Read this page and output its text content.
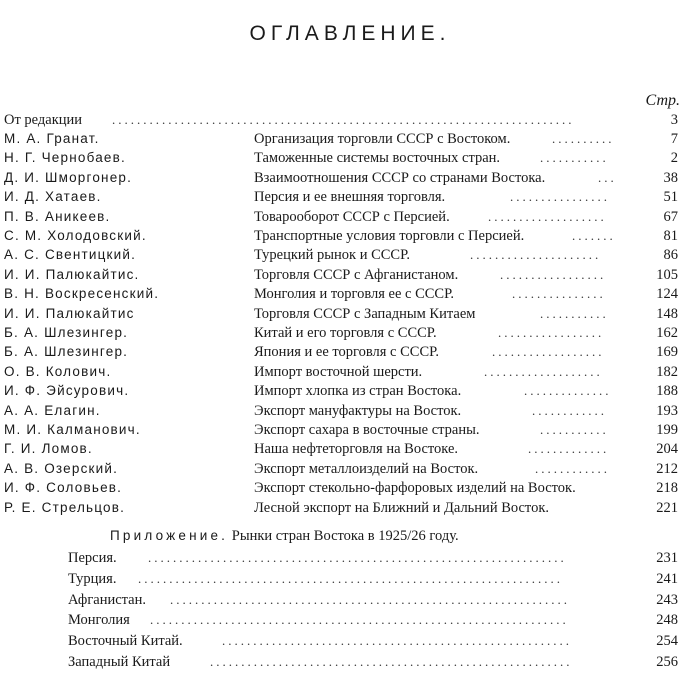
ОГЛАВЛЕНИЕ.
Стр.
От редакции ..........................................................................	3
М. А. Гранат.	Организация торговли СССР с Востоком.	..........	7
Н. Г. Чернобаев.	Таможенные системы восточных стран.	...........	2
Д. И. Шморгонер.	Взаимоотношения СССР со странами Востока.	...	38
И. Д. Хатаев.	Персия и ее внешняя торговля.	................	51
П. В. Аникеев.	Товарооборот СССР с Персией.	...................	67
С. М. Холодовский.	Транспортные условия торговли с Персией.	.......	81
А. С. Свентицкий.	Турецкий рынок и СССР.	.....................	86
И. И. Палюкайтис.	Торговля СССР с Афганистаном.	.................	105
В. Н. Воскресенский.	Монголия и торговля ее с СССР.	...............	124
И. И. Палюкайтис	Торговля СССР с Западным Китаем	...........	148
Б. А. Шлезингер.	Китай и его торговля с СССР.	.................	162
Б. А. Шлезингер.	Япония и ее торговля с СССР.	..................	169
О. В. Колович.	Импорт восточной шерсти.	...................	182
И. Ф. Эйсурович.	Импорт хлопка из стран Востока.	..............	188
А. А. Елагин.	Экспорт мануфактуры на Восток.	............	193
М. И. Калманович.	Экспорт сахара в восточные страны.	...........	199
Г. И. Ломов.	Наша нефтеторговля на Востоке.	.............	204
А. В. Озерский.	Экспорт металлоизделий на Восток.	............	212
И. Ф. Соловьев.	Экспорт стекольно-фарфоровых изделий на Восток.	218
Р. Е. Стрельцов.	Лесной экспорт на Ближний и Дальний Восток.	221
Приложение. Рынки стран Востока в 1925/26 году.
Персия. ...................................................................	231
Турция. ....................................................................	241
Афганистан. ................................................................	243
Монголия ...................................................................	248
Восточный Китай.	........................................................	254
Западный Китай	..........................................................	256
